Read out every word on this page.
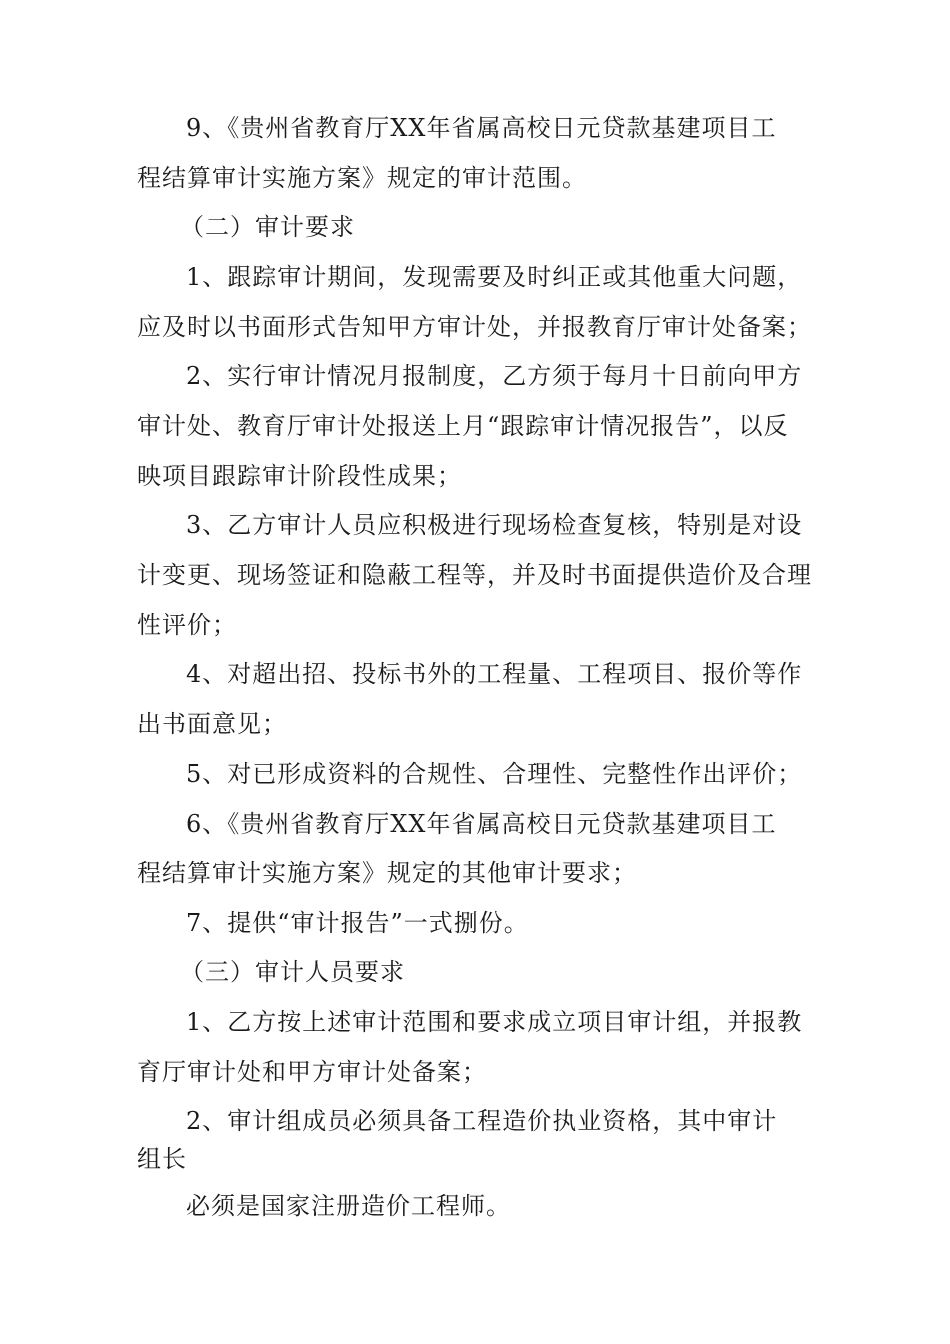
9、《贵州省教育厅XX年省属高校日元贷款基建项目工
程结算审计实施方案》规定的审计范围。
（二）审计要求
1、跟踪审计期间，发现需要及时纠正或其他重大问题，
应及时以书面形式告知甲方审计处，并报教育厅审计处备案；
2、实行审计情况月报制度，乙方须于每月十日前向甲方
审计处、教育厅审计处报送上月“跟踪审计情况报告”，以反
映项目跟踪审计阶段性成果；
3、乙方审计人员应积极进行现场检查复核，特别是对设
计变更、现场签证和隐蔽工程等，并及时书面提供造价及合理
性评价；
4、对超出招、投标书外的工程量、工程项目、报价等作
出书面意见；
5、对已形成资料的合规性、合理性、完整性作出评价；
6、《贵州省教育厅XX年省属高校日元贷款基建项目工
程结算审计实施方案》规定的其他审计要求；
7、提供“审计报告”一式捌份。
（三）审计人员要求
1、乙方按上述审计范围和要求成立项目审计组，并报教
育厅审计处和甲方审计处备案；
2、审计组成员必须具备工程造价执业资格，其中审计
组长
必须是国家注册造价工程师。
